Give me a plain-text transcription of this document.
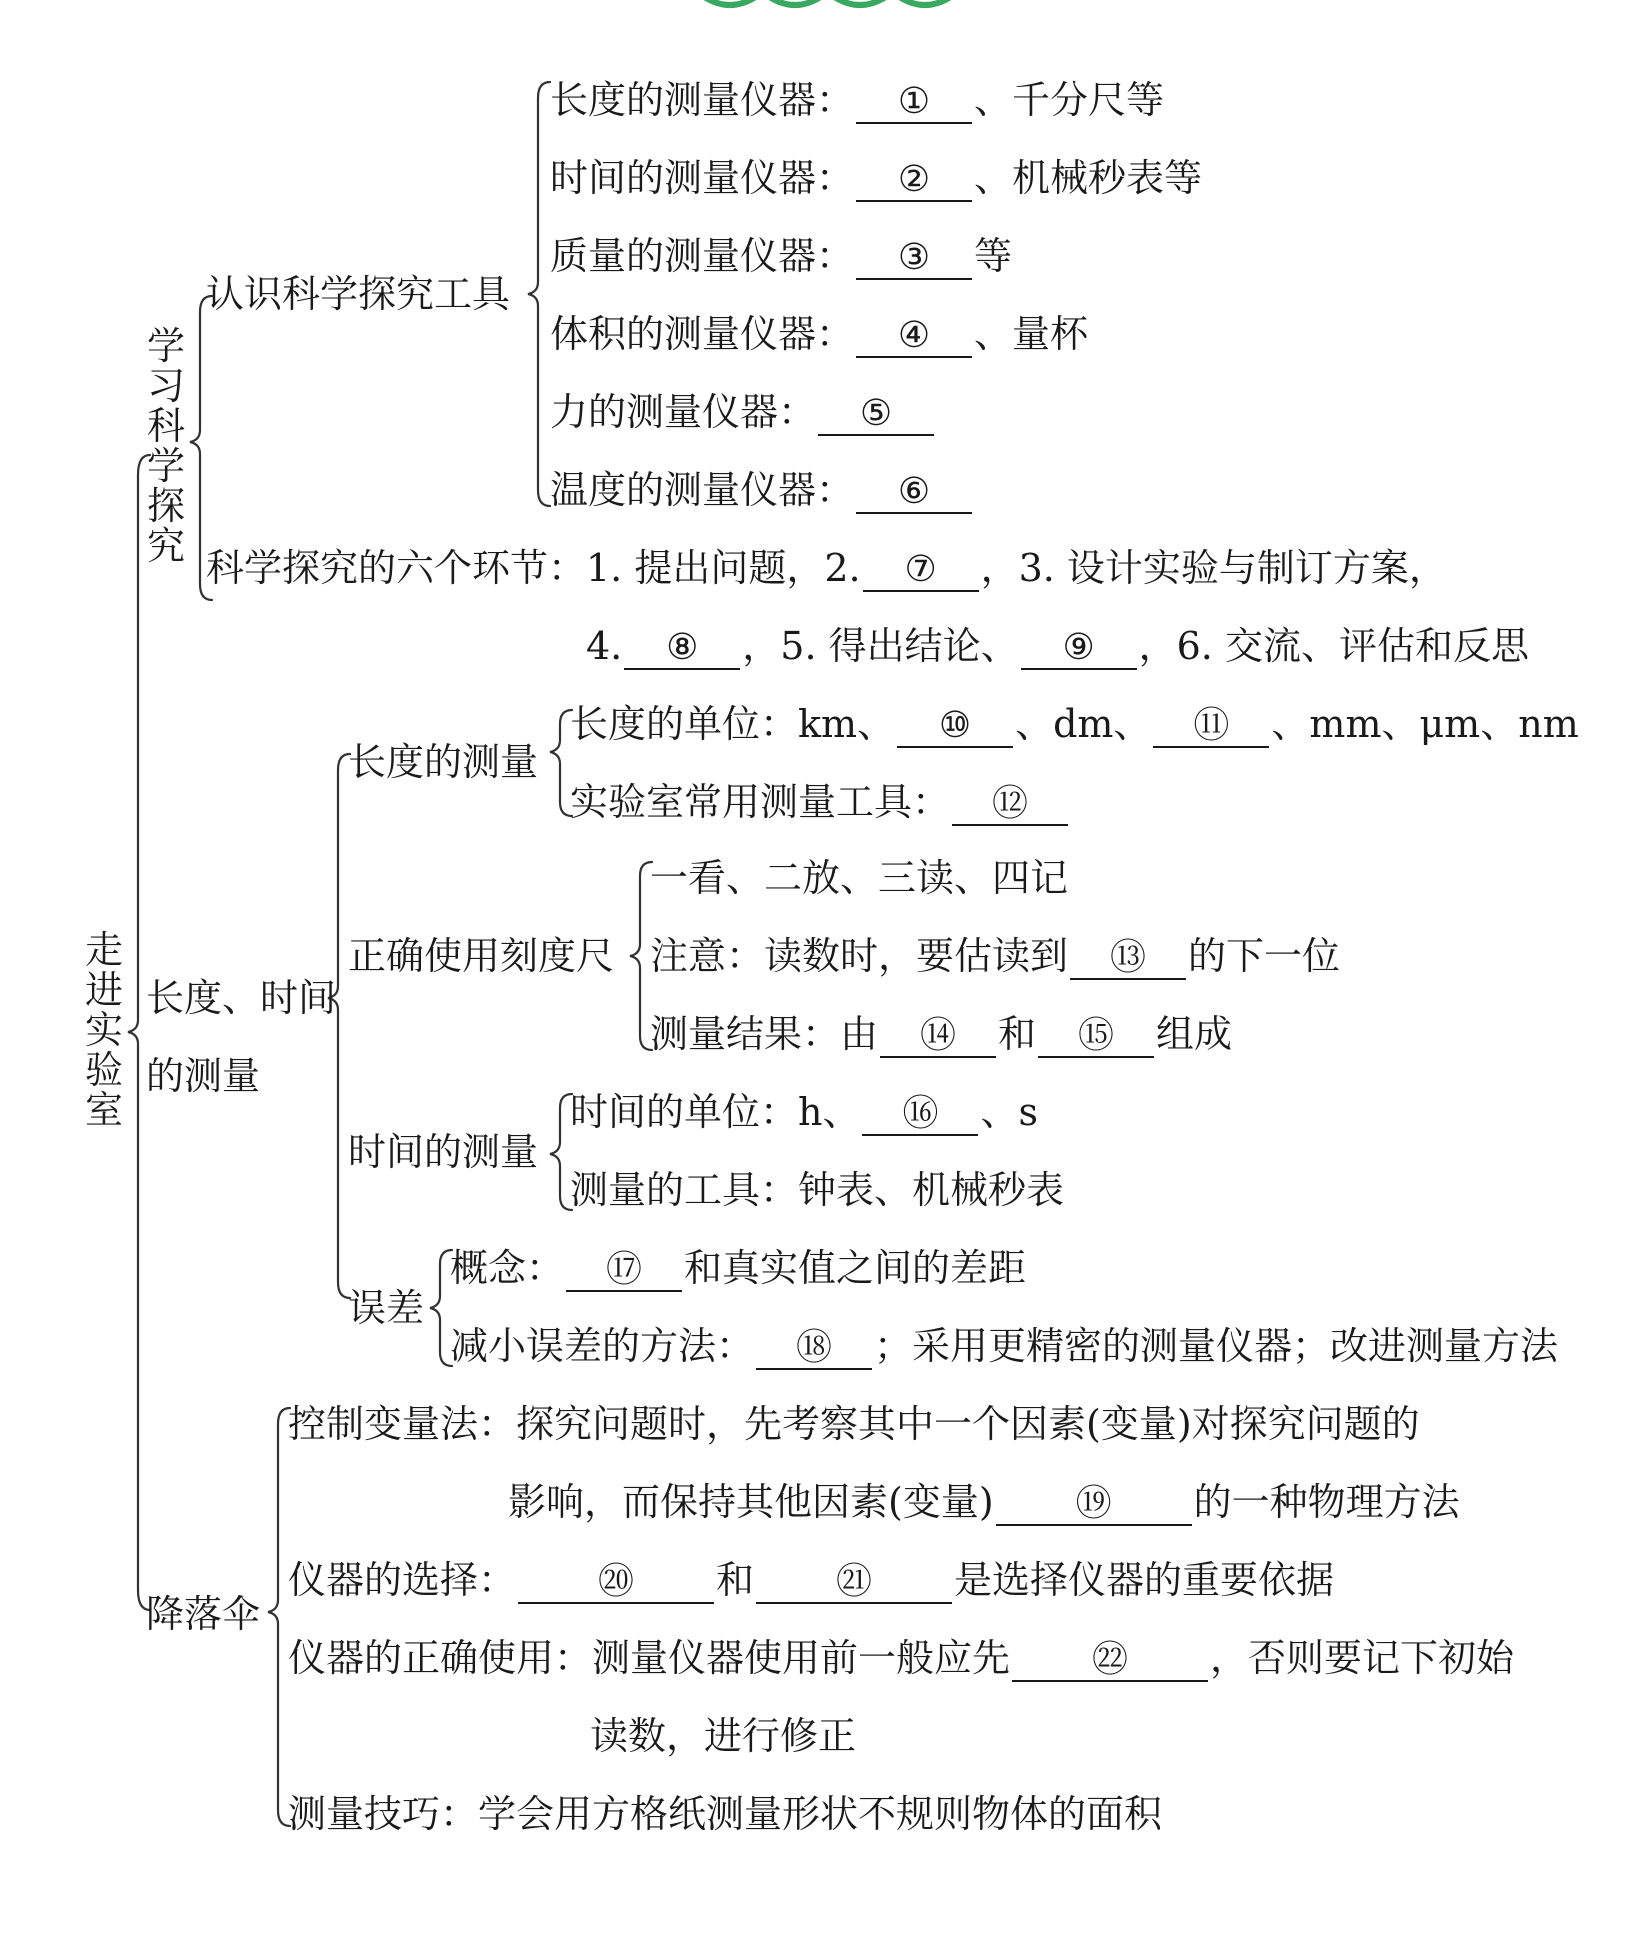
走进实验室
学习科学探究
认识科学探究工具
长度的测量仪器： ① 、千分尺等
时间的测量仪器： ② 、机械秒表等
质量的测量仪器： ③ 等
体积的测量仪器： ④ 、量杯
力的测量仪器： ⑤
温度的测量仪器： ⑥
科学探究的六个环节：1. 提出问题，2. ⑦ ，3. 设计实验与制订方案，
4. ⑧ ，5. 得出结论、 ⑨ ，6. 交流、评估和反思
长度、时间
的测量
长度的测量
长度的单位：km、 ⑩ 、dm、 ⑪ 、mm、μm、nm
实验室常用测量工具： ⑫
正确使用刻度尺
一看、二放、三读、四记
注意：读数时，要估读到 ⑬ 的下一位
测量结果：由 ⑭ 和 ⑮ 组成
时间的测量
时间的单位：h、 ⑯ 、s
测量的工具：钟表、机械秒表
误差
概念： ⑰ 和真实值之间的差距
减小误差的方法： ⑱ ；采用更精密的测量仪器；改进测量方法
降落伞
控制变量法：探究问题时，先考察其中一个因素(变量)对探究问题的
影响，而保持其他因素(变量) ⑲ 的一种物理方法
仪器的选择： ⑳ 和 ㉑ 是选择仪器的重要依据
仪器的正确使用：测量仪器使用前一般应先 ㉒ ，否则要记下初始
读数，进行修正
测量技巧：学会用方格纸测量形状不规则物体的面积
